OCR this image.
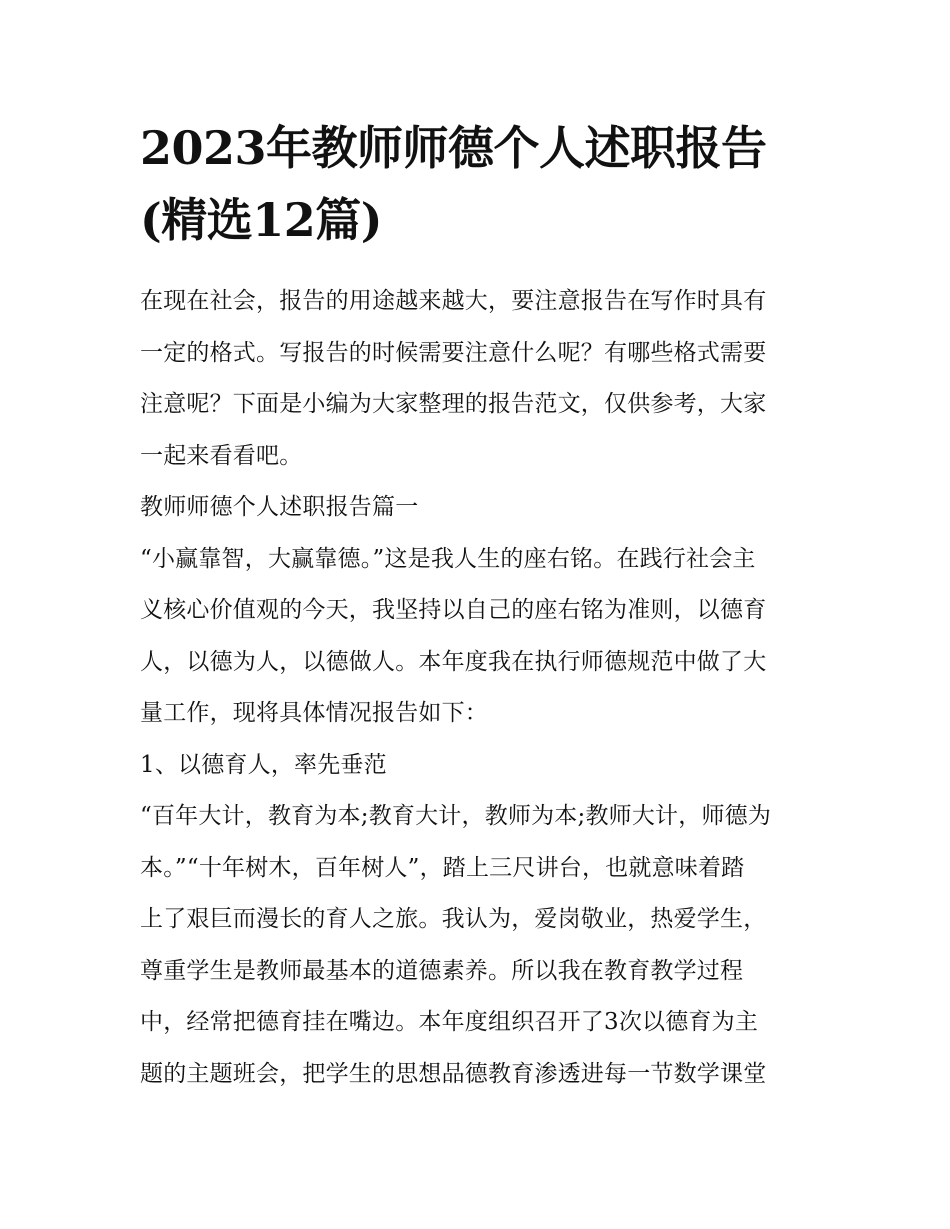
2023年教师师德个人述职报告
(精选12篇)

在现在社会，报告的用途越来越大，要注意报告在写作时具有
一定的格式。写报告的时候需要注意什么呢？有哪些格式需要
注意呢？下面是小编为大家整理的报告范文，仅供参考，大家
一起来看看吧。

教师师德个人述职报告篇一

“小赢靠智，大赢靠德。”这是我人生的座右铭。在践行社会主
义核心价值观的今天，我坚持以自己的座右铭为准则，以德育
人，以德为人，以德做人。本年度我在执行师德规范中做了大
量工作，现将具体情况报告如下：

1、以德育人，率先垂范

“百年大计，教育为本;教育大计，教师为本;教师大计，师德为
本。”“十年树木，百年树人”，踏上三尺讲台，也就意味着踏
上了艰巨而漫长的育人之旅。我认为，爱岗敬业，热爱学生，
尊重学生是教师最基本的道德素养。所以我在教育教学过程
中，经常把德育挂在嘴边。本年度组织召开了3次以德育为主
题的主题班会，把学生的思想品德教育渗透进每一节数学课堂
